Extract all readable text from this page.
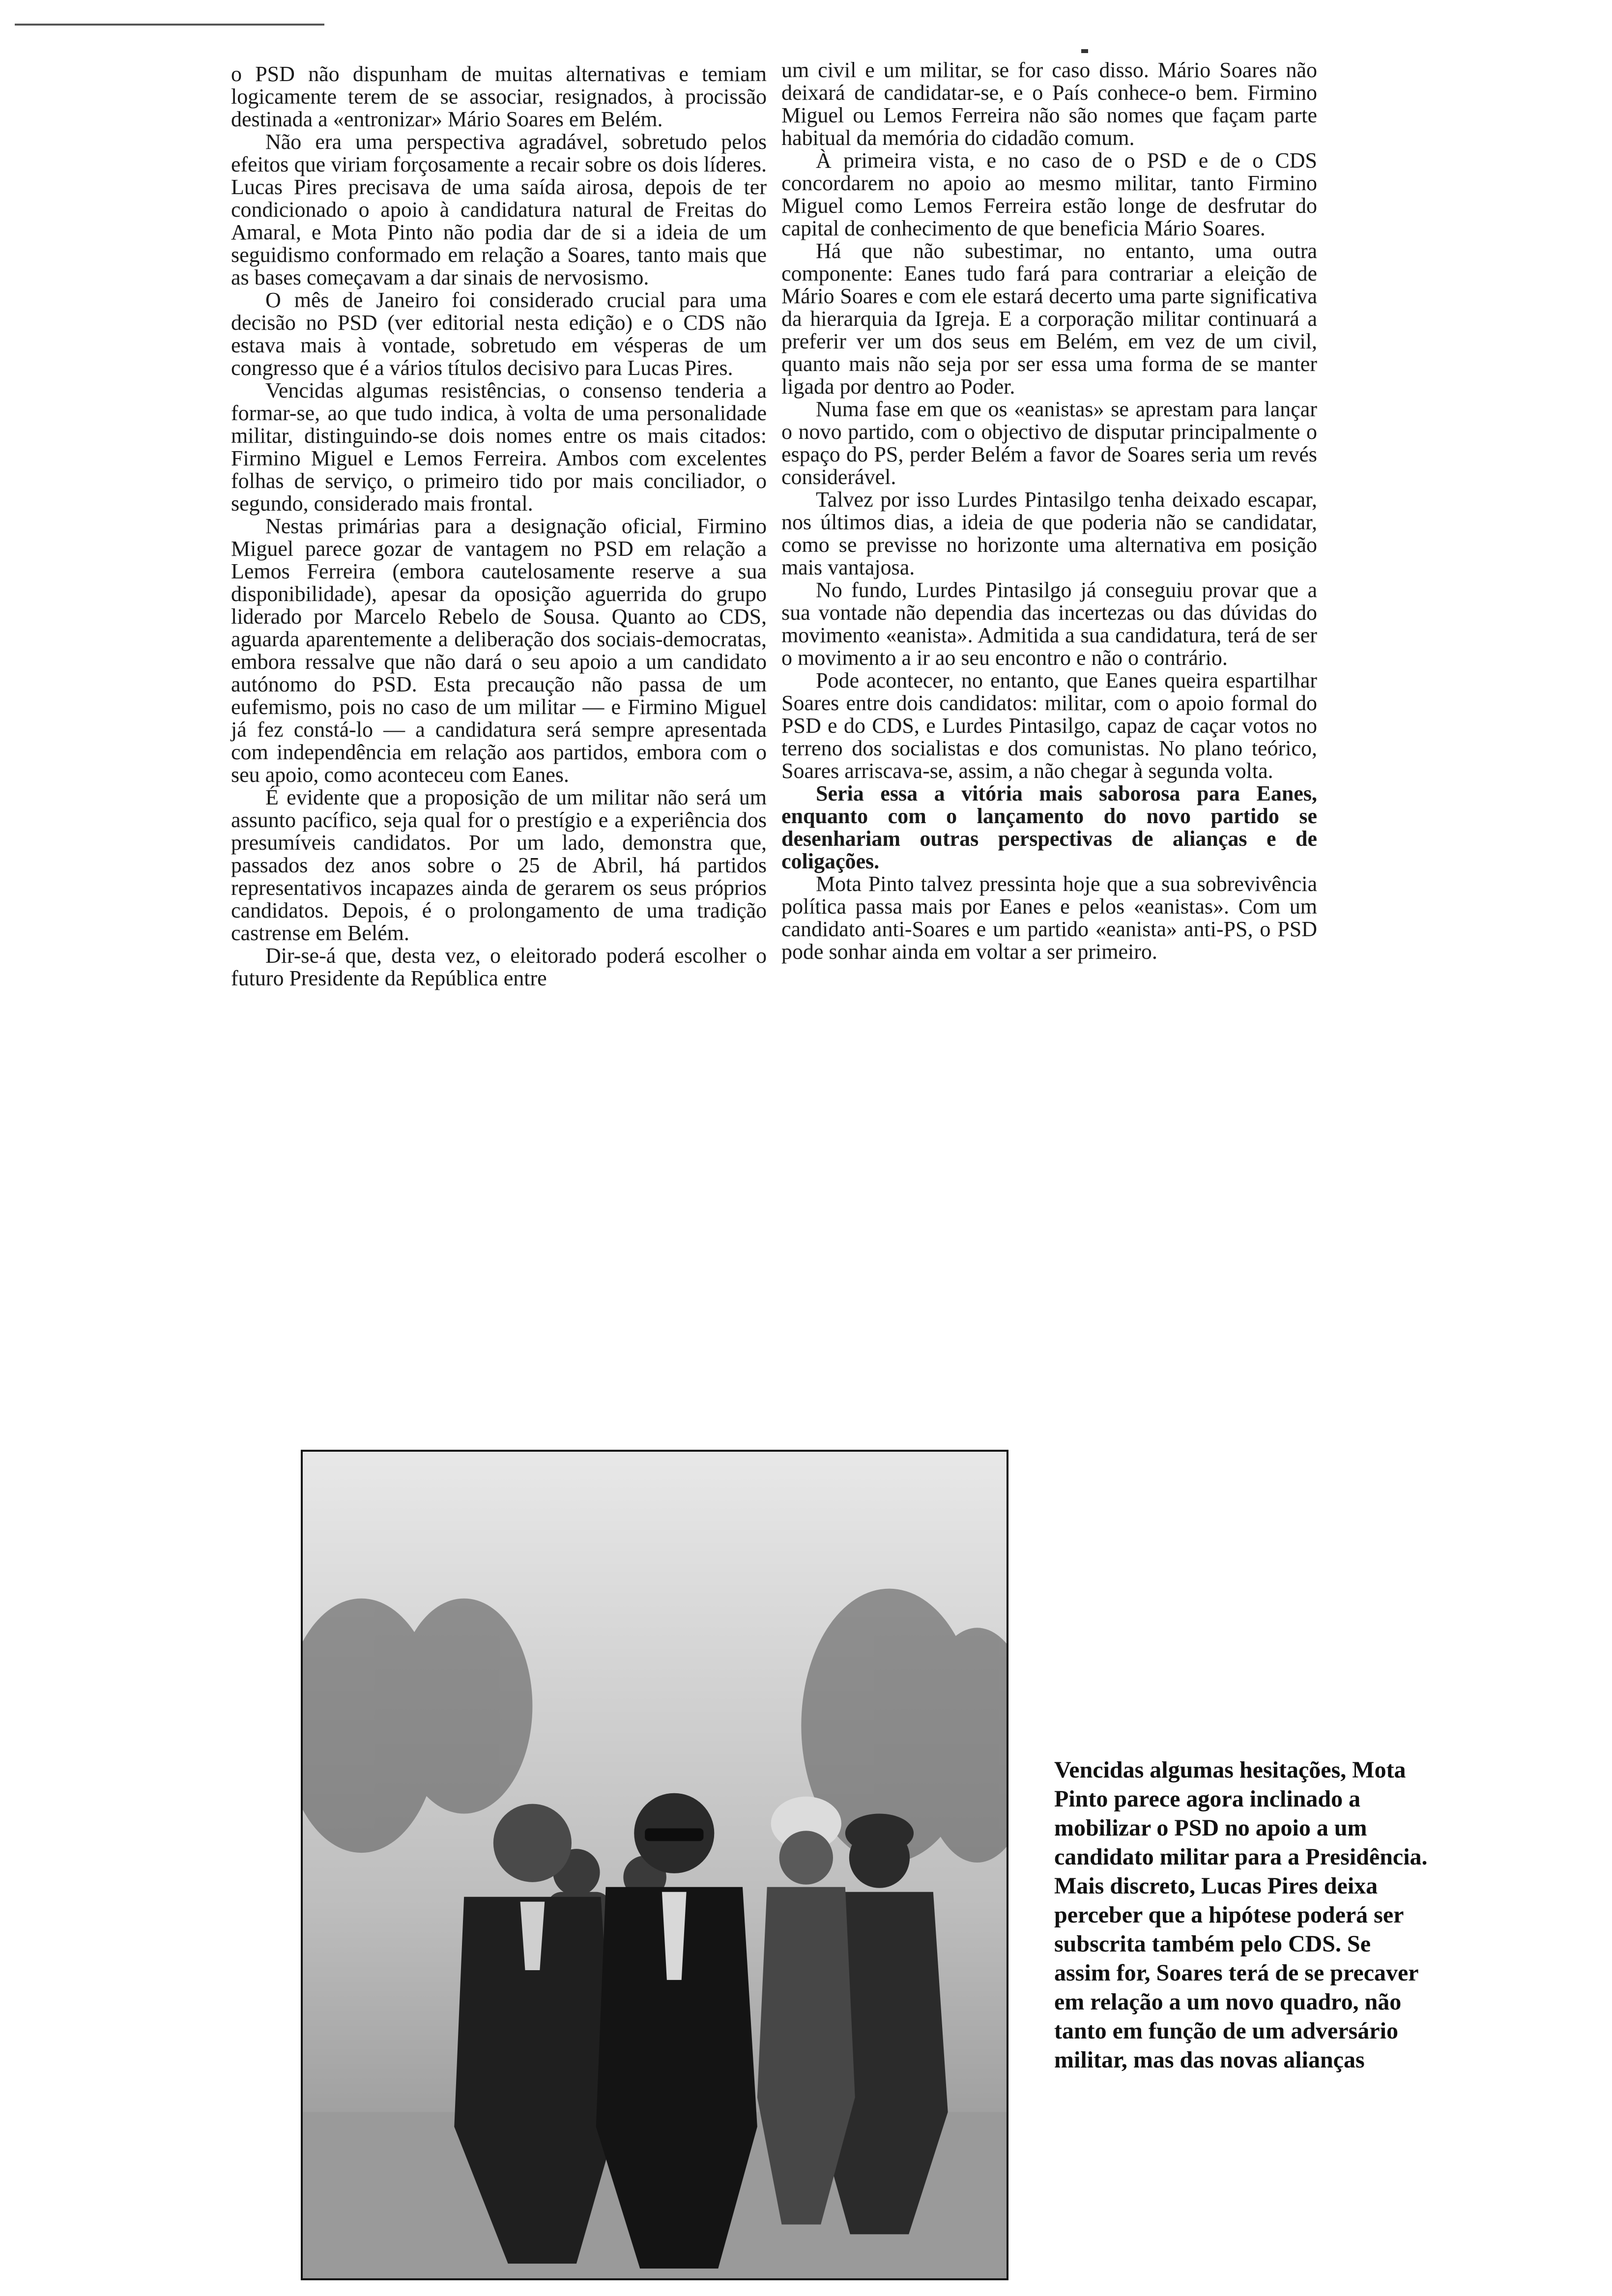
o PSD não dispunham de muitas alternativas e temiam logicamente terem de se associar, resignados, à procissão destinada a «entronizar» Mário Soares em Belém.

Não era uma perspectiva agradável, sobretudo pelos efeitos que viriam forçosamente a recair sobre os dois líderes. Lucas Pires precisava de uma saída airosa, depois de ter condicionado o apoio à candidatura natural de Freitas do Amaral, e Mota Pinto não podia dar de si a ideia de um seguidismo conformado em relação a Soares, tanto mais que as bases começavam a dar sinais de nervosismo.

O mês de Janeiro foi considerado crucial para uma decisão no PSD (ver editorial nesta edição) e o CDS não estava mais à vontade, sobretudo em vésperas de um congresso que é a vários títulos decisivo para Lucas Pires.

Vencidas algumas resistências, o consenso tenderia a formar-se, ao que tudo indica, à volta de uma personalidade militar, distinguindo-se dois nomes entre os mais citados: Firmino Miguel e Lemos Ferreira. Ambos com excelentes folhas de serviço, o primeiro tido por mais conciliador, o segundo, considerado mais frontal.

Nestas primárias para a designação oficial, Firmino Miguel parece gozar de vantagem no PSD em relação a Lemos Ferreira (embora cautelosamente reserve a sua disponibilidade), apesar da oposição aguerrida do grupo liderado por Marcelo Rebelo de Sousa. Quanto ao CDS, aguarda aparentemente a deliberação dos sociais-democratas, embora ressalve que não dará o seu apoio a um candidato autónomo do PSD. Esta precaução não passa de um eufemismo, pois no caso de um militar — e Firmino Miguel já fez constá-lo — a candidatura será sempre apresentada com independência em relação aos partidos, embora com o seu apoio, como aconteceu com Eanes.

É evidente que a proposição de um militar não será um assunto pacífico, seja qual for o prestígio e a experiência dos presumíveis candidatos. Por um lado, demonstra que, passados dez anos sobre o 25 de Abril, há partidos representativos incapazes ainda de gerarem os seus próprios candidatos. Depois, é o prolongamento de uma tradição castrense em Belém.

Dir-se-á que, desta vez, o eleitorado poderá escolher o futuro Presidente da República entre

um civil e um militar, se for caso disso. Mário Soares não deixará de candidatar-se, e o País conhece-o bem. Firmino Miguel ou Lemos Ferreira não são nomes que façam parte habitual da memória do cidadão comum.

À primeira vista, e no caso de o PSD e de o CDS concordarem no apoio ao mesmo militar, tanto Firmino Miguel como Lemos Ferreira estão longe de desfrutar do capital de conhecimento de que beneficia Mário Soares.

Há que não subestimar, no entanto, uma outra componente: Eanes tudo fará para contrariar a eleição de Mário Soares e com ele estará decerto uma parte significativa da hierarquia da Igreja. E a corporação militar continuará a preferir ver um dos seus em Belém, em vez de um civil, quanto mais não seja por ser essa uma forma de se manter ligada por dentro ao Poder.

Numa fase em que os «eanistas» se aprestam para lançar o novo partido, com o objectivo de disputar principalmente o espaço do PS, perder Belém a favor de Soares seria um revés considerável.

Talvez por isso Lurdes Pintasilgo tenha deixado escapar, nos últimos dias, a ideia de que poderia não se candidatar, como se previsse no horizonte uma alternativa em posição mais vantajosa.

No fundo, Lurdes Pintasilgo já conseguiu provar que a sua vontade não dependia das incertezas ou das dúvidas do movimento «eanista». Admitida a sua candidatura, terá de ser o movimento a ir ao seu encontro e não o contrário.

Pode acontecer, no entanto, que Eanes queira espartilhar Soares entre dois candidatos: militar, com o apoio formal do PSD e do CDS, e Lurdes Pintasilgo, capaz de caçar votos no terreno dos socialistas e dos comunistas. No plano teórico, Soares arriscava-se, assim, a não chegar à segunda volta.

Seria essa a vitória mais saborosa para Eanes, enquanto com o lançamento do novo partido se desenhariam outras perspectivas de alianças e de coligações.

Mota Pinto talvez pressinta hoje que a sua sobrevivência política passa mais por Eanes e pelos «eanistas». Com um candidato anti-Soares e um partido «eanista» anti-PS, o PSD pode sonhar ainda em voltar a ser primeiro.

Vencidas algumas hesitações, Mota Pinto parece agora inclinado a mobilizar o PSD no apoio a um candidato militar para a Presidência. Mais discreto, Lucas Pires deixa perceber que a hipótese poderá ser subscrita também pelo CDS. Se assim for, Soares terá de se precaver em relação a um novo quadro, não tanto em função de um adversário militar, mas das novas alianças
